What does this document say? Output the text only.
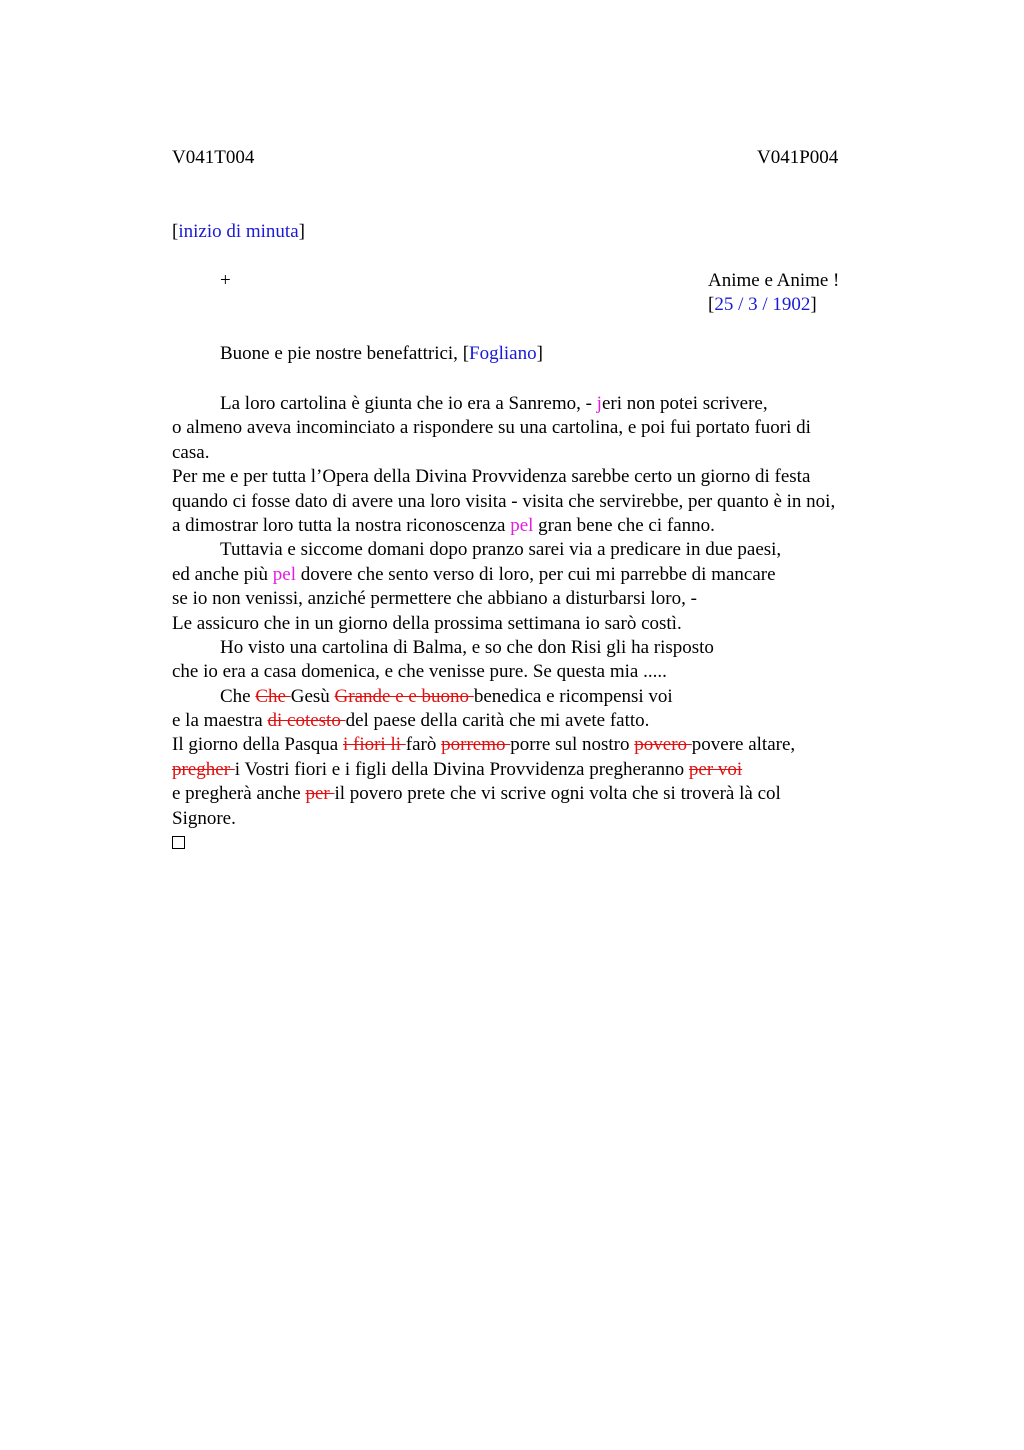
V041T004	V041P004
[inizio di minuta]
+	Anime e Anime !
[25 / 3 / 1902]
Buone e pie nostre benefattrici, [Fogliano]
La loro cartolina è giunta che io era a Sanremo, - jeri non potei scrivere,
o almeno aveva incominciato a rispondere su una cartolina, e poi fui portato fuori di
casa.
Per me e per tutta l’Opera della Divina Provvidenza sarebbe certo un giorno di festa
quando ci fosse dato di avere una loro visita - visita che servirebbe, per quanto è in noi,
a dimostrar loro tutta la nostra riconoscenza pel gran bene che ci fanno.
Tuttavia e siccome domani dopo pranzo sarei via a predicare in due paesi,
ed anche più pel dovere che sento verso di loro, per cui mi parrebbe di mancare
se io non venissi, anziché permettere che abbiano a disturbarsi loro, -
Le assicuro che in un giorno della prossima settimana io sarò costì.
Ho visto una cartolina di Balma, e so che don Risi gli ha risposto
che io era a casa domenica, e che venisse pure. Se questa mia .....
Che Che Gesù Grande e e buono benedica e ricompensi voi
e la maestra di cotesto del paese della carità che mi avete fatto.
Il giorno della Pasqua i fiori li farò porremo porre sul nostro povero povere altare,
pregher i Vostri fiori e i figli della Divina Provvidenza pregheranno per voi
e pregherà anche per il povero prete che vi scrive ogni volta che si troverà là col
Signore.
